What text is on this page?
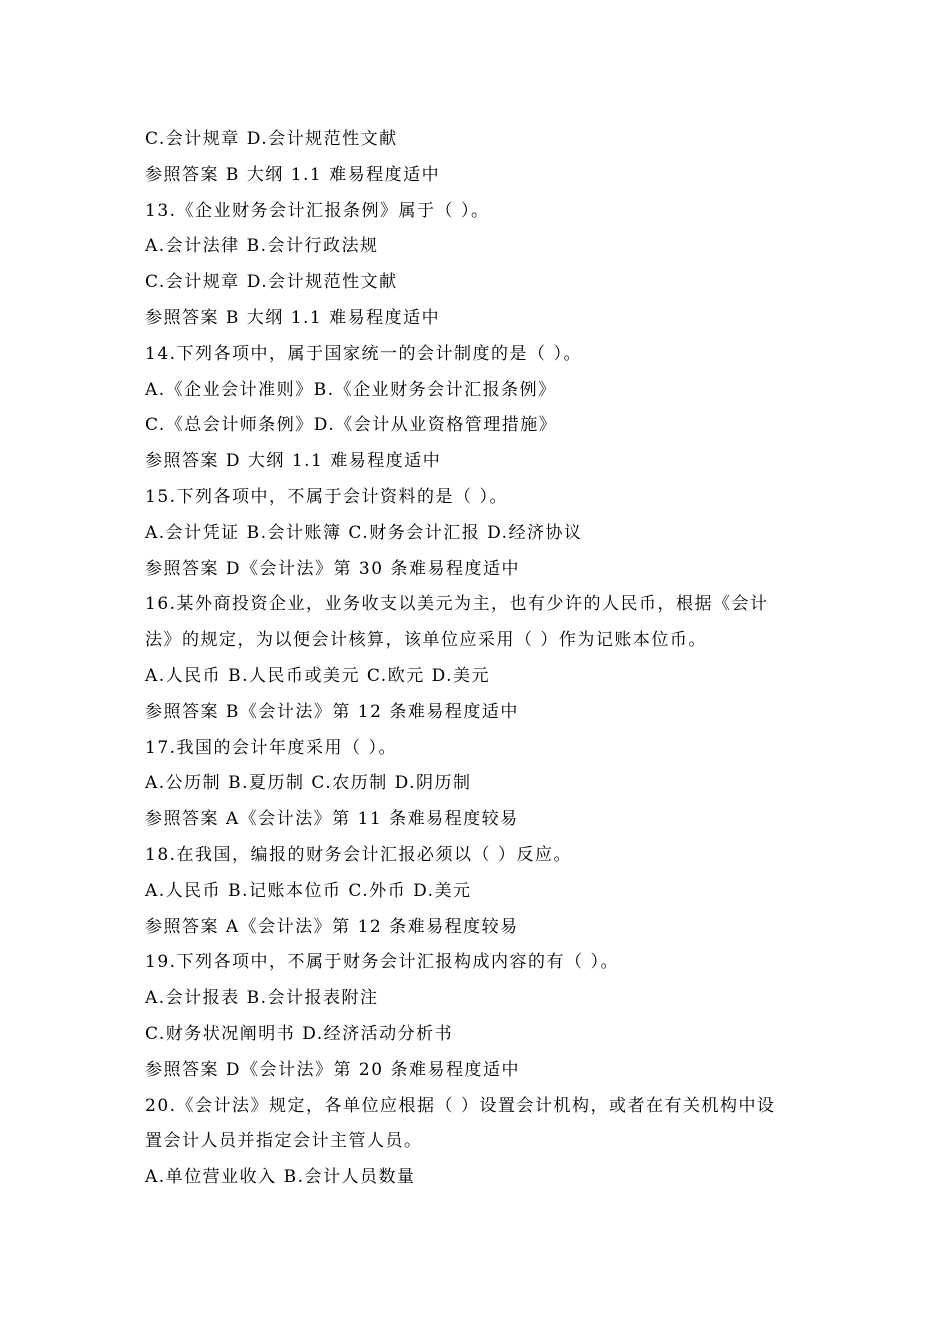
C.会计规章 D.会计规范性文献
参照答案 B 大纲 1.1 难易程度适中
13.《企业财务会计汇报条例》属于（ ）。
A.会计法律 B.会计行政法规
C.会计规章 D.会计规范性文献
参照答案 B 大纲 1.1 难易程度适中
14.下列各项中，属于国家统一的会计制度的是（ ）。
A.《企业会计准则》B.《企业财务会计汇报条例》
C.《总会计师条例》D.《会计从业资格管理措施》
参照答案 D 大纲 1.1 难易程度适中
15.下列各项中，不属于会计资料的是（ ）。
A.会计凭证 B.会计账簿 C.财务会计汇报 D.经济协议
参照答案 D《会计法》第 30 条难易程度适中
16.某外商投资企业，业务收支以美元为主，也有少许的人民币，根据《会计
法》的规定，为以便会计核算，该单位应采用（ ）作为记账本位币。
A.人民币 B.人民币或美元 C.欧元 D.美元
参照答案 B《会计法》第 12 条难易程度适中
17.我国的会计年度采用（ ）。
A.公历制 B.夏历制 C.农历制 D.阴历制
参照答案 A《会计法》第 11 条难易程度较易
18.在我国，编报的财务会计汇报必须以（ ）反应。
A.人民币 B.记账本位币 C.外币 D.美元
参照答案 A《会计法》第 12 条难易程度较易
19.下列各项中，不属于财务会计汇报构成内容的有（ ）。
A.会计报表 B.会计报表附注
C.财务状况阐明书 D.经济活动分析书
参照答案 D《会计法》第 20 条难易程度适中
20.《会计法》规定，各单位应根据（ ）设置会计机构，或者在有关机构中设
置会计人员并指定会计主管人员。
A.单位营业收入 B.会计人员数量
